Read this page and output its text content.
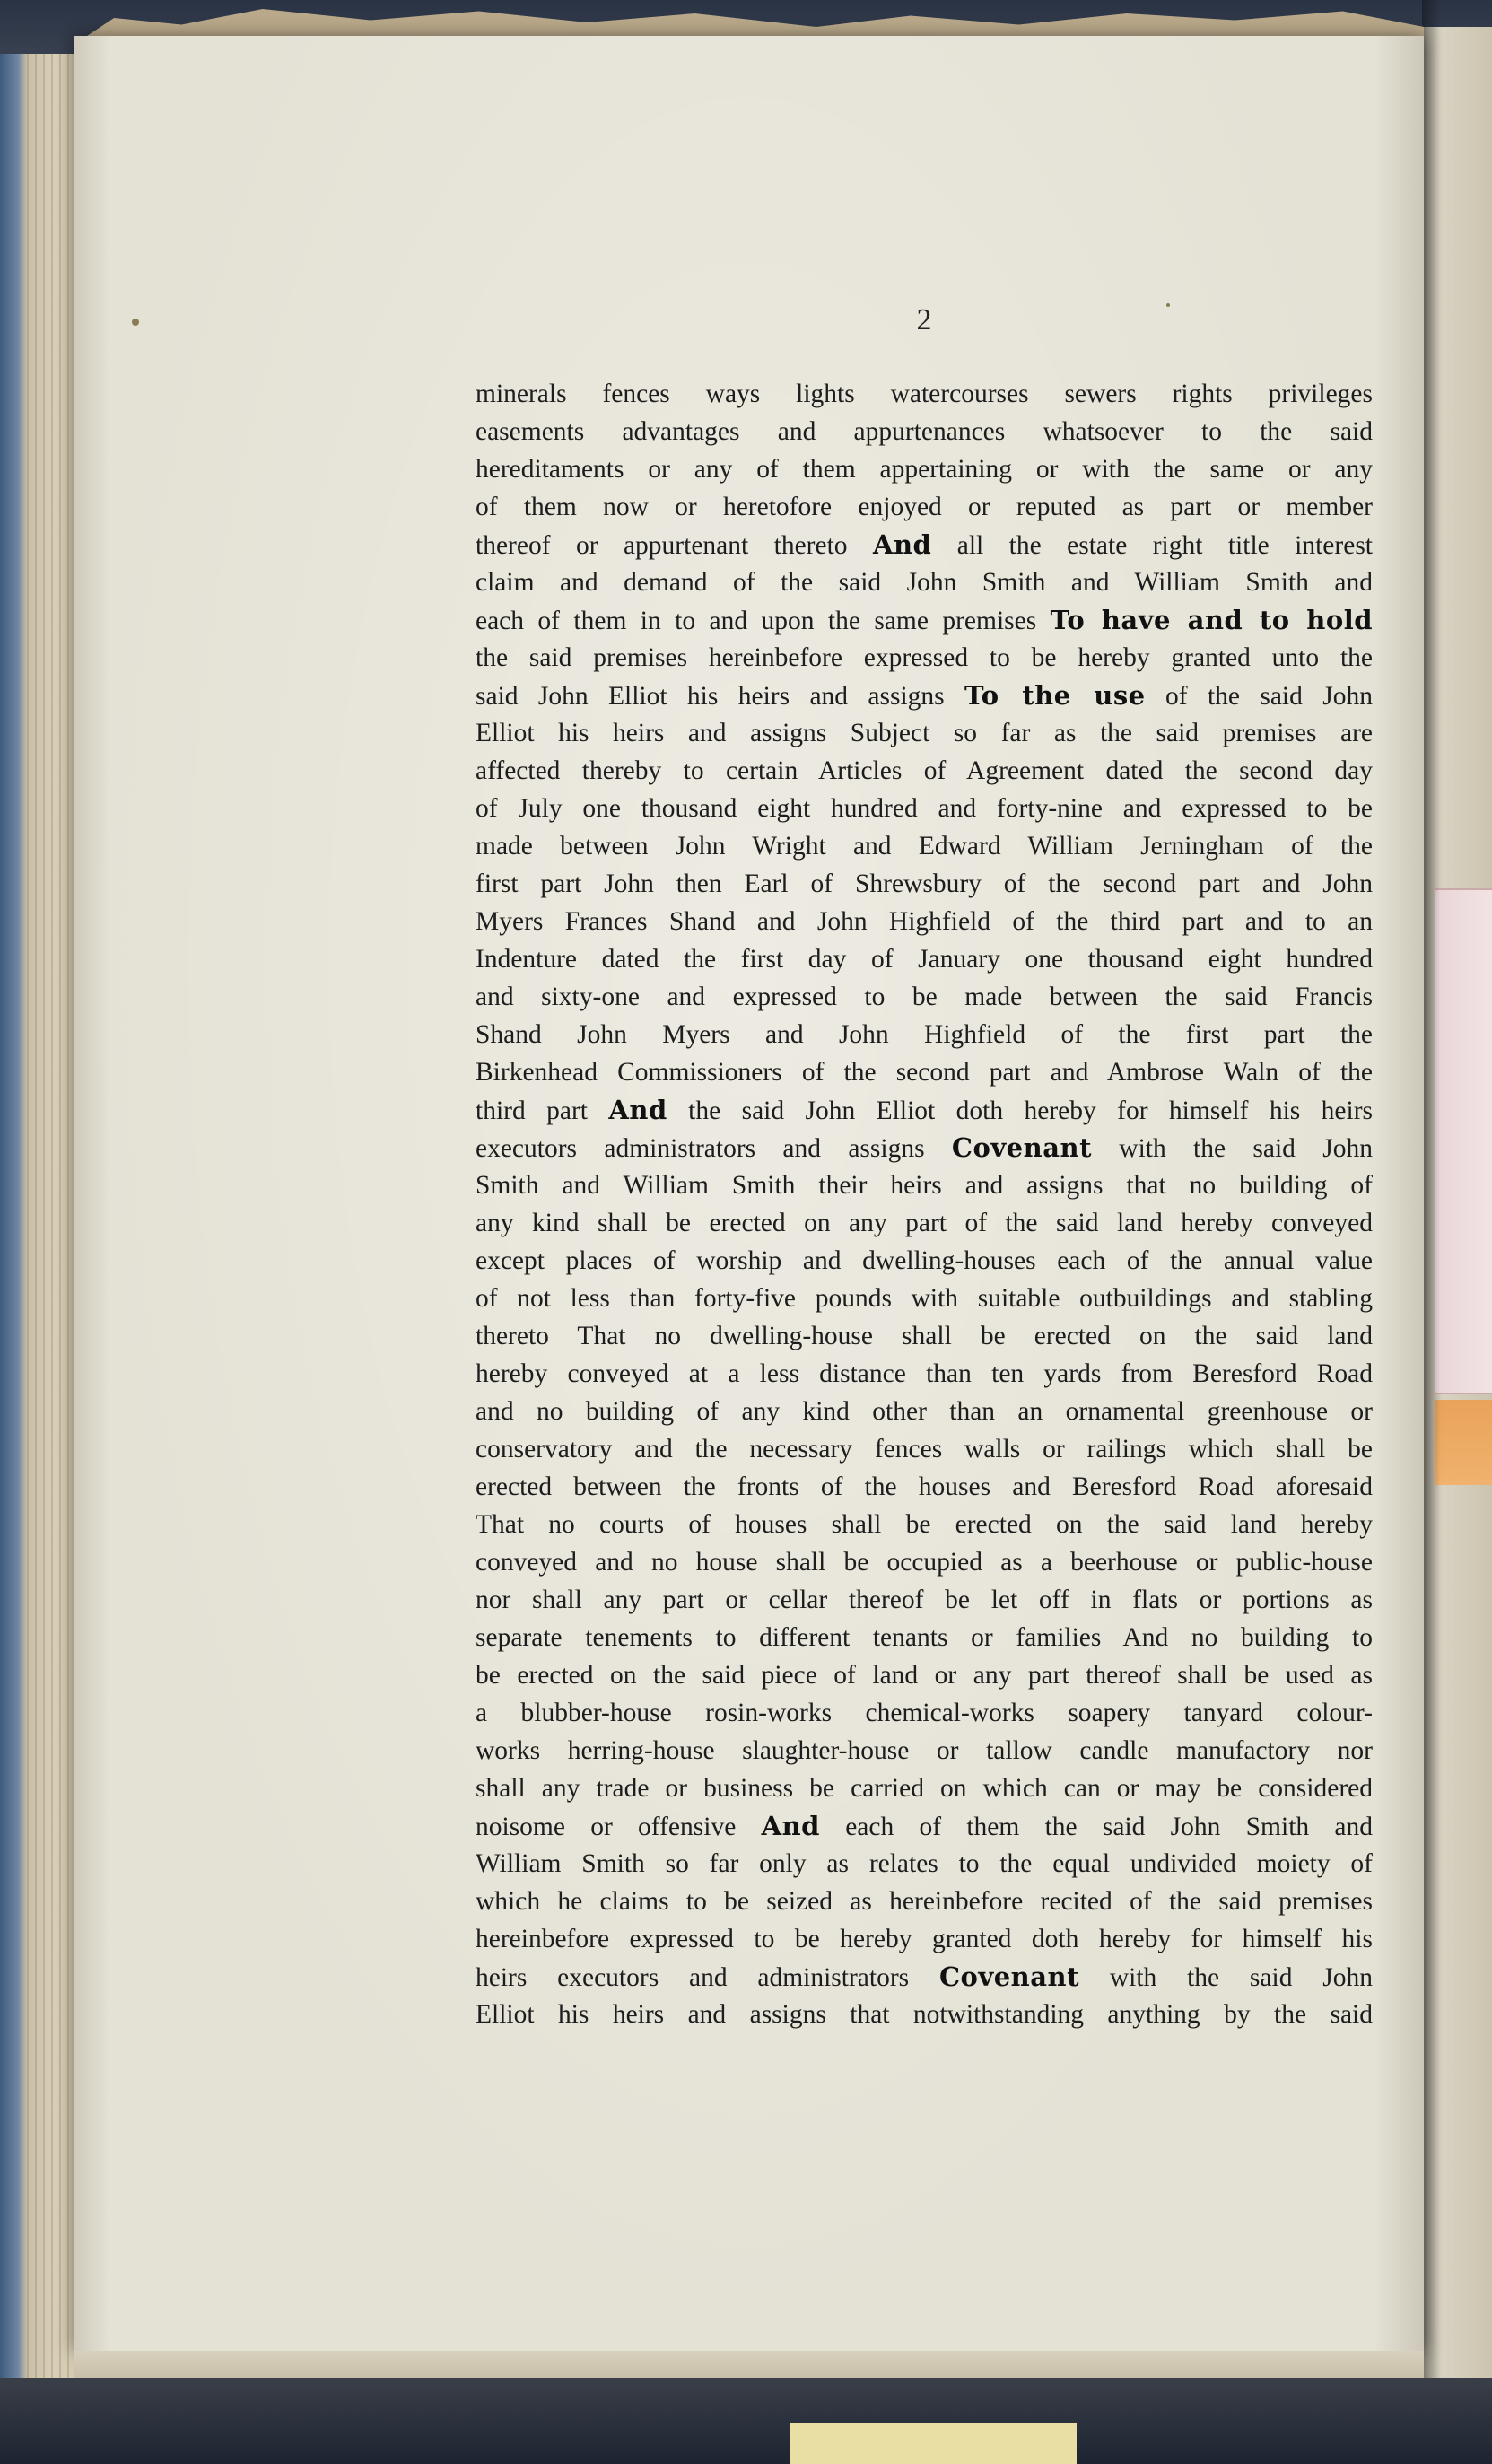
2
minerals fences ways lights watercourses sewers rights privileges
easements advantages and appurtenances whatsoever to the said
hereditaments or any of them appertaining or with the same or any
of them now or heretofore enjoyed or reputed as part or member
thereof or appurtenant thereto And all the estate right title interest
claim and demand of the said John Smith and William Smith and
each of them in to and upon the same premises To have and to hold
the said premises hereinbefore expressed to be hereby granted unto the
said John Elliot his heirs and assigns To the use of the said John
Elliot his heirs and assigns Subject so far as the said premises are
affected thereby to certain Articles of Agreement dated the second day
of July one thousand eight hundred and forty-nine and expressed to be
made between John Wright and Edward William Jerningham of the
first part John then Earl of Shrewsbury of the second part and John
Myers Frances Shand and John Highfield of the third part and to an
Indenture dated the first day of January one thousand eight hundred
and sixty-one and expressed to be made between the said Francis
Shand John Myers and John Highfield of the first part the
Birkenhead Commissioners of the second part and Ambrose Waln of the
third part And the said John Elliot doth hereby for himself his heirs
executors administrators and assigns Covenant with the said John
Smith and William Smith their heirs and assigns that no building of
any kind shall be erected on any part of the said land hereby conveyed
except places of worship and dwelling-houses each of the annual value
of not less than forty-five pounds with suitable outbuildings and stabling
thereto That no dwelling-house shall be erected on the said land
hereby conveyed at a less distance than ten yards from Beresford Road
and no building of any kind other than an ornamental greenhouse or
conservatory and the necessary fences walls or railings which shall be
erected between the fronts of the houses and Beresford Road aforesaid
That no courts of houses shall be erected on the said land hereby
conveyed and no house shall be occupied as a beerhouse or public-house
nor shall any part or cellar thereof be let off in flats or portions as
separate tenements to different tenants or families And no building to
be erected on the said piece of land or any part thereof shall be used as
a blubber-house rosin-works chemical-works soapery tanyard colour-
works herring-house slaughter-house or tallow candle manufactory nor
shall any trade or business be carried on which can or may be considered
noisome or offensive And each of them the said John Smith and
William Smith so far only as relates to the equal undivided moiety of
which he claims to be seized as hereinbefore recited of the said premises
hereinbefore expressed to be hereby granted doth hereby for himself his
heirs executors and administrators Covenant with the said John
Elliot his heirs and assigns that notwithstanding anything by the said
